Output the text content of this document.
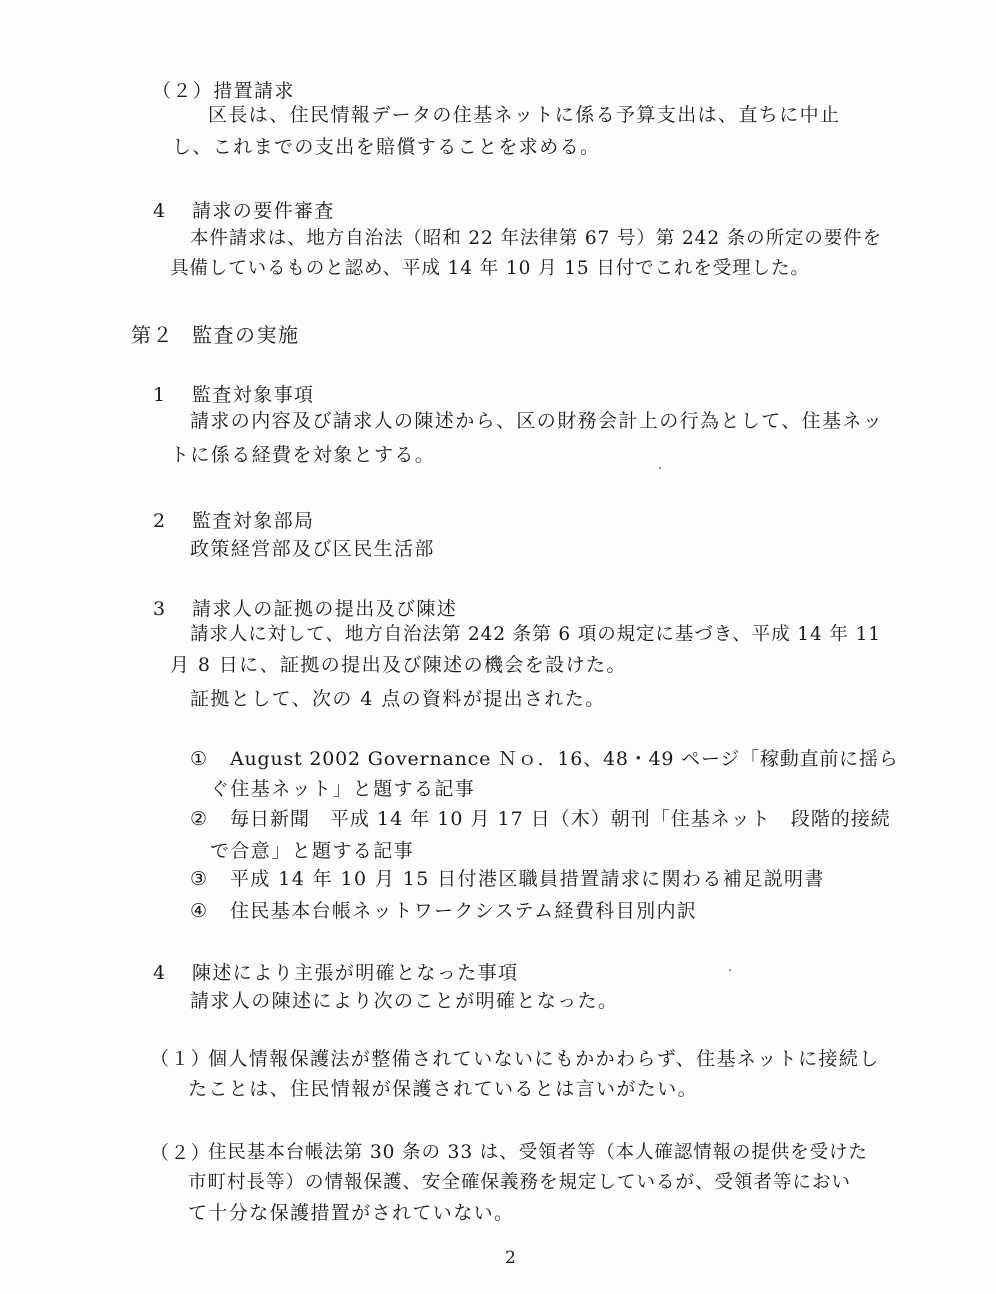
（２）措置請求
区長は、住民情報データの住基ネットに係る予算支出は、直ちに中止
し、これまでの支出を賠償することを求める。
4 請求の要件審査
本件請求は、地方自治法（昭和 22 年法律第 67 号）第 242 条の所定の要件を
具備しているものと認め、平成 14 年 10 月 15 日付でこれを受理した。
第２ 監査の実施
1 監査対象事項
請求の内容及び請求人の陳述から、区の財務会計上の行為として、住基ネッ
トに係る経費を対象とする。
2 監査対象部局
政策経営部及び区民生活部
3 請求人の証拠の提出及び陳述
請求人に対して、地方自治法第 242 条第 6 項の規定に基づき、平成 14 年 11
月 8 日に、証拠の提出及び陳述の機会を設けた。
証拠として、次の 4 点の資料が提出された。
① August 2002 Governance Ｎｏ．16、48・49 ページ「稼動直前に揺ら
ぐ住基ネット」と題する記事
② 毎日新聞　平成 14 年 10 月 17 日（木）朝刊「住基ネット　段階的接続
で合意」と題する記事
③ 平成 14 年 10 月 15 日付港区職員措置請求に関わる補足説明書
④ 住民基本台帳ネットワークシステム経費科目別内訳
4 陳述により主張が明確となった事項
請求人の陳述により次のことが明確となった。
（１）
個人情報保護法が整備されていないにもかかわらず、住基ネットに接続し
たことは、住民情報が保護されているとは言いがたい。
（２）
住民基本台帳法第 30 条の 33 は、受領者等（本人確認情報の提供を受けた
市町村長等）の情報保護、安全確保義務を規定しているが、受領者等におい
て十分な保護措置がされていない。
2
